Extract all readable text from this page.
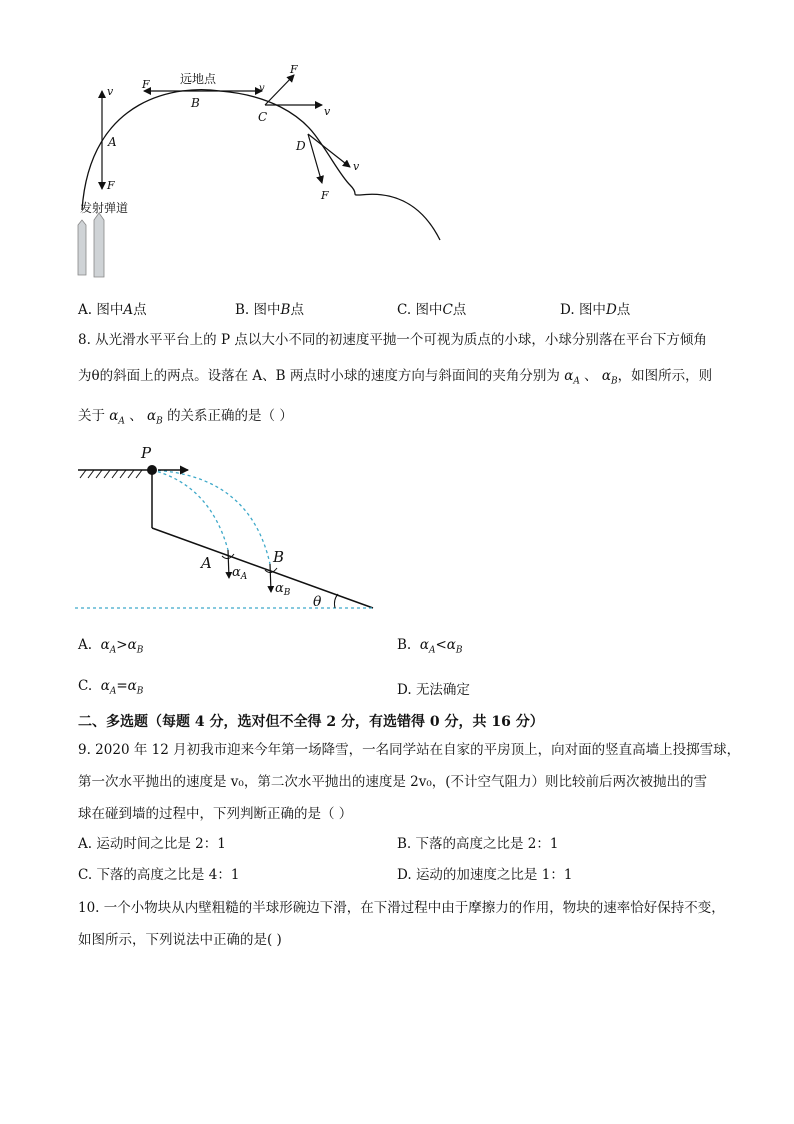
v
A
F
F	远地点
B
v
F
v
C
D
v
F
发射弹道
A. 图中A点	B. 图中B点	C. 图中C点	D. 图中D点
8. 从光滑水平平台上的 P 点以大小不同的初速度平抛一个可视为质点的小球，小球分别落在平台下方倾角
为θ的斜面上的两点。设落在 A、B 两点时小球的速度方向与斜面间的夹角分别为 $\alpha_A$ 、 $\alpha_B$，如图所示，则
关于 $\alpha_A$ 、 $\alpha_B$ 的关系正确的是（ ）
P
A
$\alpha_A$
B
$\alpha_B$
θ
A. $\alpha_A>\alpha_B$	B. $\alpha_A<\alpha_B$
C. $\alpha_A=\alpha_B$	D. 无法确定
二、多选题（每题 4 分，选对但不全得 2 分，有选错得 0 分，共 16 分）
9. 2020 年 12 月初我市迎来今年第一场降雪，一名同学站在自家的平房顶上，向对面的竖直高墙上投掷雪球，
第一次水平抛出的速度是 v₀，第二次水平抛出的速度是 2v₀，(不计空气阻力）则比较前后两次被抛出的雪
球在碰到墙的过程中，下列判断正确的是（ ）
A. 运动时间之比是 2：1	B. 下落的高度之比是 2：1
C. 下落的高度之比是 4：1	D. 运动的加速度之比是 1：1
10. 一个小物块从内壁粗糙的半球形碗边下滑，在下滑过程中由于摩擦力的作用，物块的速率恰好保持不变，
如图所示，下列说法中正确的是( )
